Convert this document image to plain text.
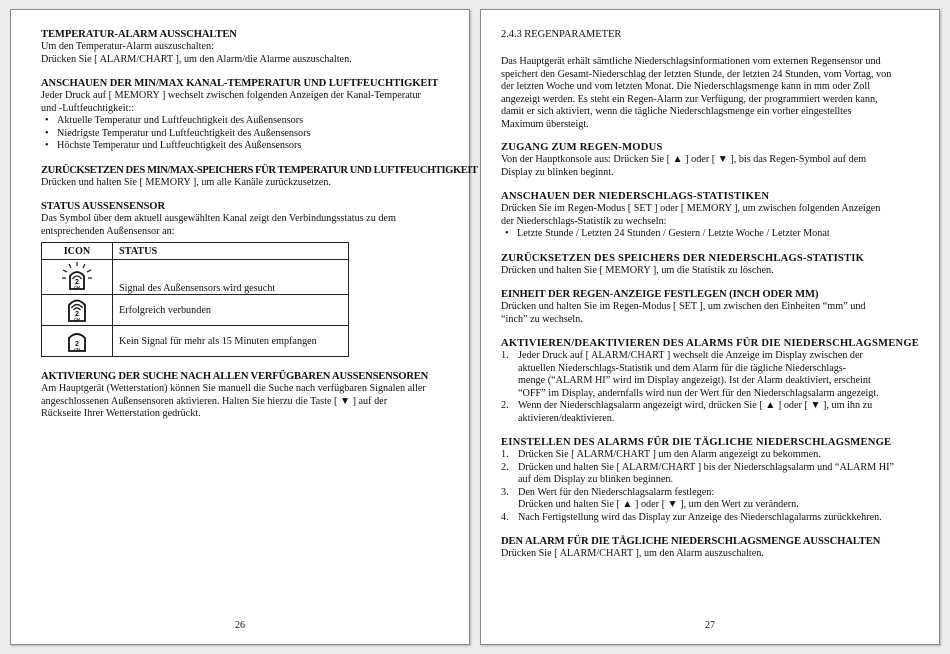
TEMPERATUR-ALARM AUSSCHALTEN

Um den Temperatur-Alarm auszuschalten:

Drücken Sie [ ALARM/CHART ], um den Alarm/die Alarme auszuschalten.

ANSCHAUEN DER MIN/MAX KANAL-TEMPERATUR UND LUFTFEUCHTIGKEIT

Jeder Druck auf [ MEMORY ] wechselt zwischen folgenden Anzeigen der Kanal-Temperatur

und -Luftfeuchtigkeit::

• Aktuelle Temperatur und Luftfeuchtigkeit des Außensensors
• Niedrigste Temperatur und Luftfeuchtigkeit des Außensensors
• Höchste Temperatur und Luftfeuchtigkeit des Außensensors
ZURÜCKSETZEN DES MIN/MAX-SPEICHERS FÜR TEMPERATUR UND LUFTFEUCHTIGKEIT

Drücken und halten Sie [ MEMORY ], um alle Kanäle zurückzusetzen.

STATUS AUSSENSENSOR

Das Symbol über dem aktuell ausgewählten Kanal zeigt den Verbindungsstatus zu dem

entsprechenden Außensensor an:

ICON	STATUS

2
CH	Signal des Außensensors wird gesucht

2
CH	Erfolgreich verbunden

2
CH	Kein Signal für mehr als 15 Minuten empfangen
AKTIVIERUNG DER SUCHE NACH ALLEN VERFÜGBAREN AUSSENSENSOREN

Am Hauptgerät (Wetterstation) können Sie manuell die Suche nach verfügbaren Signalen aller

angeschlossenen Außensensoren aktivieren. Halten Sie hierzu die Taste [ ▼ ] auf der

Rückseite Ihrer Wetterstation gedrückt.

26
2.4.3 REGENPARAMETER

Das Hauptgerät erhält sämtliche Niederschlagsinformationen vom externen Regensensor und

speichert den Gesamt-Niederschlag der letzten Stunde, der letzten 24 Stunden, vom Vortag, von

der letzten Woche und vom letzten Monat. Die Niederschlagsmenge kann in mm oder Zoll

angezeigt werden. Es steht ein Regen-Alarm zur Verfügung, der programmiert werden kann,

damit er sich aktiviert, wenn die tägliche Niederschlagsmenge ein vorher eingestelltes

Maximum übersteigt.

ZUGANG ZUM REGEN-MODUS

Von der Hauptkonsole aus: Drücken Sie [ ▲ ] oder [ ▼ ], bis das Regen-Symbol auf dem

Display zu blinken beginnt.

ANSCHAUEN DER NIEDERSCHLAGS-STATISTIKEN

Drücken Sie im Regen-Modus [ SET ] oder [ MEMORY ], um zwischen folgenden Anzeigen

der Niederschlags-Statistik zu wechseln:

• Letzte Stunde / Letzten 24 Stunden / Gestern / Letzte Woche / Letzter Monat
ZURÜCKSETZEN DES SPEICHERS DER NIEDERSCHLAGS-STATISTIK

Drücken und halten Sie [ MEMORY ], um die Statistik zu löschen.

EINHEIT DER REGEN-ANZEIGE FESTLEGEN (INCH ODER MM)

Drücken und halten Sie im Regen-Modus [ SET ], um zwischen den Einheiten “mm” und

“inch” zu wechseln.

AKTIVIEREN/DEAKTIVIEREN DES ALARMS FÜR DIE NIEDERSCHLAGSMENGE
1. Jeder Druck auf [ ALARM/CHART ] wechselt die Anzeige im Display zwischen der
aktuellen Niederschlags-Statistik und dem Alarm für die tägliche Niederschlags-
menge (“ALARM HI” wird im Display angezeigt). Ist der Alarm deaktiviert, erscheint
“OFF” im Display, andernfalls wird nun der Wert für den Niederschlagsalarm angezeigt.
2. Wenn der Niederschlagsalarm angezeigt wird, drücken Sie [ ▲ ] oder [ ▼ ], um ihn zu
aktivieren/deaktivieren.
EINSTELLEN DES ALARMS FÜR DIE TÄGLICHE NIEDERSCHLAGSMENGE
1. Drücken Sie [ ALARM/CHART ] um den Alarm angezeigt zu bekommen.
2. Drücken und halten Sie [ ALARM/CHART ] bis der Niederschlagsalarm und “ALARM HI”
auf dem Display zu blinken beginnen.
3. Den Wert für den Niederschlagsalarm festlegen:
Drücken und halten Sie [ ▲ ] oder [ ▼ ], um den Wert zu verändern.
4. Nach Fertigstellung wird das Display zur Anzeige des Niederschlagalarms zurückkehren.
DEN ALARM FÜR DIE TÄGLICHE NIEDERSCHLAGSMENGE AUSSCHALTEN

Drücken Sie [ ALARM/CHART ], um den Alarm auszuschalten.

27
